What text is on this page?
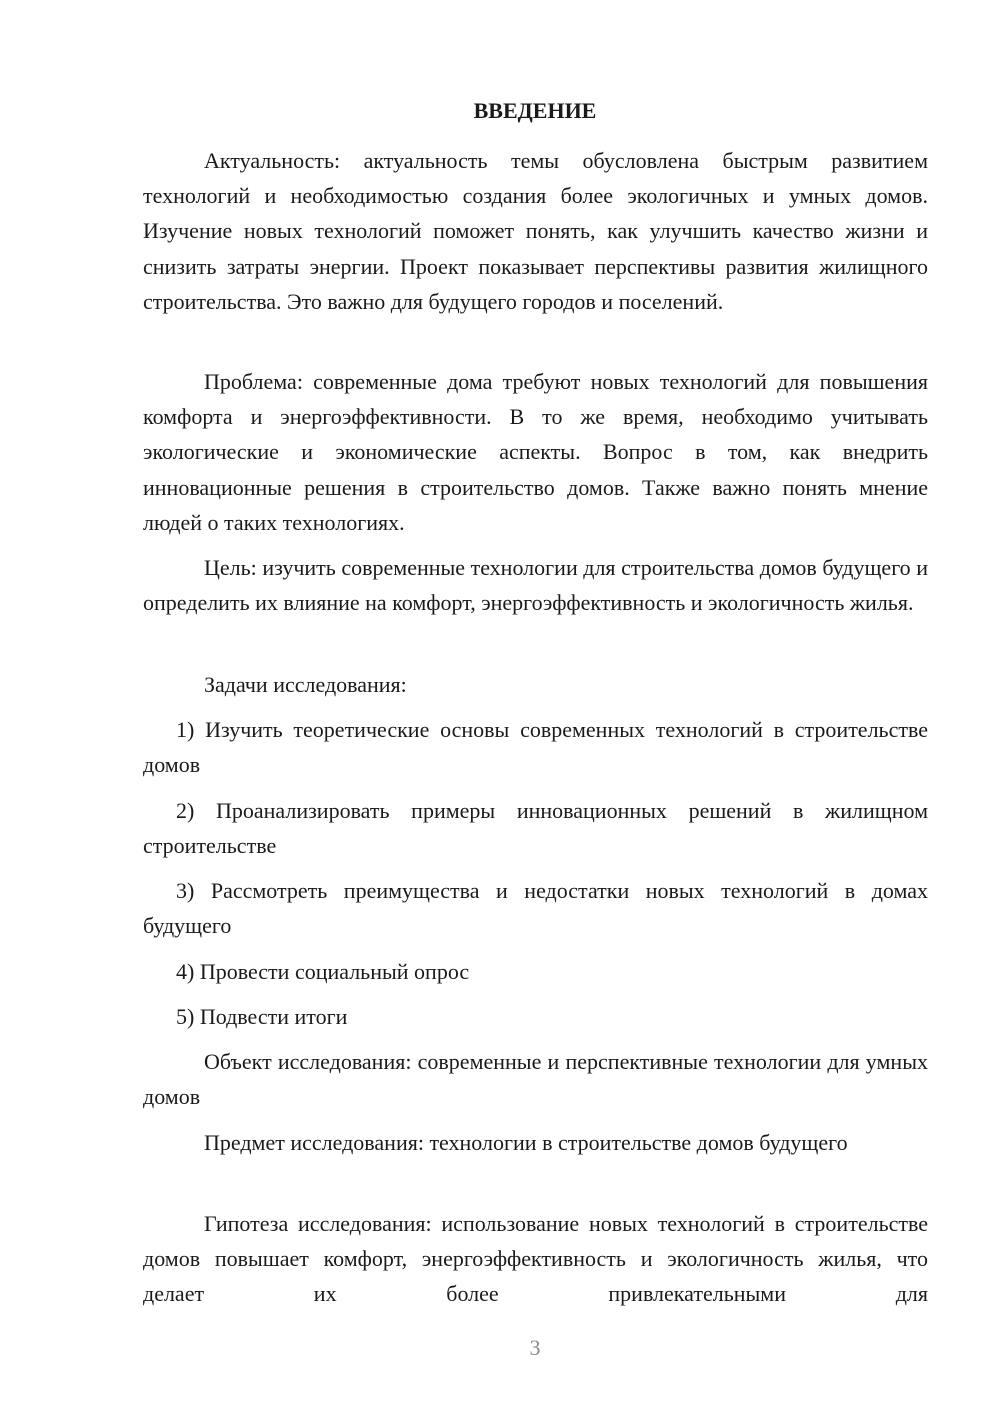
ВВЕДЕНИЕ

Актуальность: актуальность темы обусловлена быстрым развитием технологий и необходимостью создания более экологичных и умных домов. Изучение новых технологий поможет понять, как улучшить качество жизни и снизить затраты энергии. Проект показывает перспективы развития жилищного строительства. Это важно для будущего городов и поселений.

Проблема: современные дома требуют новых технологий для повышения комфорта и энергоэффективности. В то же время, необходимо учитывать экологические и экономические аспекты. Вопрос в том, как внедрить инновационные решения в строительство домов. Также важно понять мнение людей о таких технологиях.

Цель: изучить современные технологии для строительства домов будущего и определить их влияние на комфорт, энергоэффективность и экологичность жилья.

Задачи исследования:

1) Изучить теоретические основы современных технологий в строительстве домов

2) Проанализировать примеры инновационных решений в жилищном строительстве

3) Рассмотреть преимущества и недостатки новых технологий в домах будущего

4) Провести социальный опрос

5) Подвести итоги

Объект исследования: современные и перспективные технологии для умных домов

Предмет исследования: технологии в строительстве домов будущего

Гипотеза исследования: использование новых технологий в строительстве домов повышает комфорт, энергоэффективность и экологичность жилья, что делает их более привлекательными для

3
